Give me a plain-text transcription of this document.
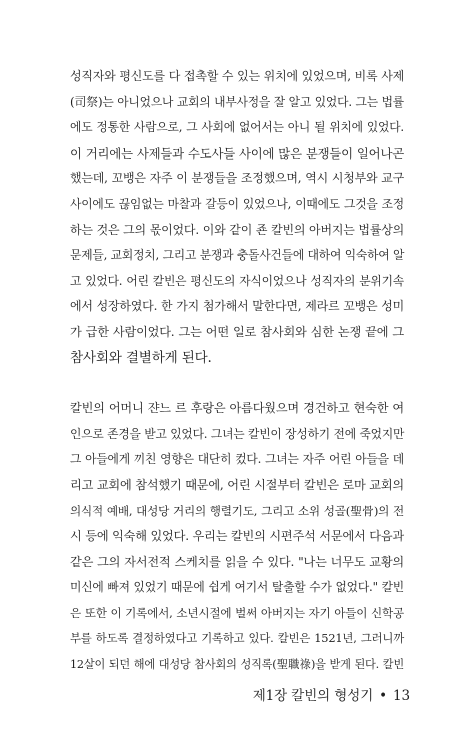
성직자와 평신도를 다 접촉할 수 있는 위치에 있었으며, 비록 사제

(司祭)는 아니었으나 교회의 내부사정을 잘 알고 있었다. 그는 법률

에도 정통한 사람으로, 그 사회에 없어서는 아니 될 위치에 있었다.

이 거리에는 사제들과 수도사들 사이에 많은 분쟁들이 일어나곤

했는데, 꼬뱅은 자주 이 분쟁들을 조정했으며, 역시 시청부와 교구

사이에도 끊임없는 마찰과 갈등이 있었으나, 이때에도 그것을 조정

하는 것은 그의 몫이었다. 이와 같이 죤 칼빈의 아버지는 법률상의

문제들, 교회정치, 그리고 분쟁과 충돌사건들에 대하여 익숙하여 알

고 있었다. 어린 칼빈은 평신도의 자식이었으나 성직자의 분위기속

에서 성장하였다. 한 가지 첨가해서 말한다면, 제라르 꼬뱅은 성미

가 급한 사람이었다. 그는 어떤 일로 참사회와 심한 논쟁 끝에 그

참사회와 결별하게 된다.

칼빈의 어머니 쟌느 르 후랑은 아름다웠으며 경건하고 현숙한 여

인으로 존경을 받고 있었다. 그녀는 칼빈이 장성하기 전에 죽었지만

그 아들에게 끼친 영향은 대단히 컸다. 그녀는 자주 어린 아들을 데

리고 교회에 참석했기 때문에, 어린 시절부터 칼빈은 로마 교회의

의식적 예배, 대성당 거리의 행렬기도, 그리고 소위 성골(聖骨)의 전

시 등에 익숙해 있었다. 우리는 칼빈의 시편주석 서문에서 다음과

같은 그의 자서전적 스케치를 읽을 수 있다. "나는 너무도 교황의

미신에 빠져 있었기 때문에 쉽게 여기서 탈출할 수가 없었다." 칼빈

은 또한 이 기록에서, 소년시절에 벌써 아버지는 자기 아들이 신학공

부를 하도록 결정하였다고 기록하고 있다. 칼빈은 1521년, 그러니까

12살이 되던 해에 대성당 참사회의 성직록(聖職祿)을 받게 된다. 칼빈

제1장 칼빈의 형성기 • 13
